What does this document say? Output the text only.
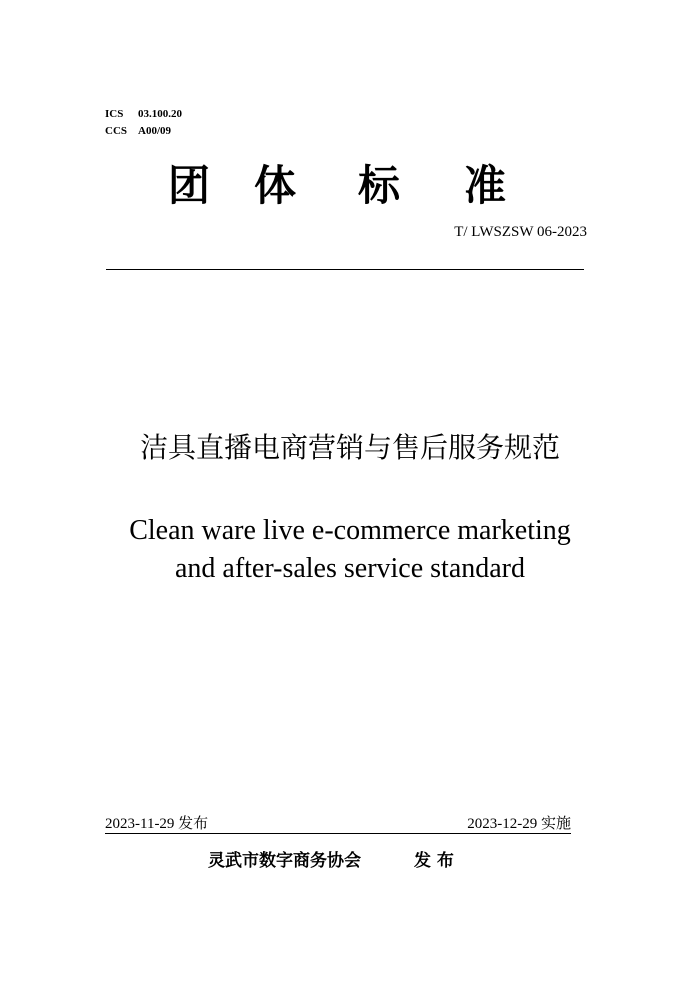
ICS 03.100.20
CCS A00/09
团 体 标 准
T/ LWSZSW 06-2023
洁具直播电商营销与售后服务规范
Clean ware live e-commerce marketing
and after-sales service standard
2023-11-29 发布	2023-12-29 实施
灵武市数字商务协会	发 布
